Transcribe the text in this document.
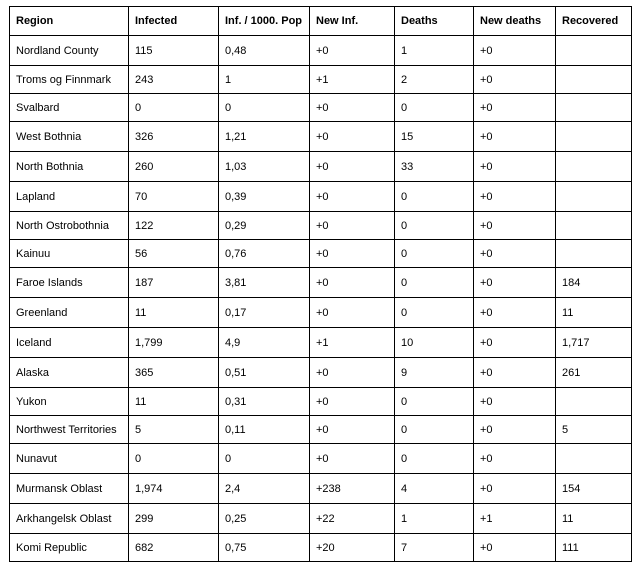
Region	Infected	Inf. / 1000. Pop	New Inf.	Deaths	New deaths	Recovered
Nordland County	115	0,48	+0	1	+0	
Troms og Finnmark	243	1	+1	2	+0	
Svalbard	0	0	+0	0	+0	
West Bothnia	326	1,21	+0	15	+0	
North Bothnia	260	1,03	+0	33	+0	
Lapland	70	0,39	+0	0	+0	
North Ostrobothnia	122	0,29	+0	0	+0	
Kainuu	56	0,76	+0	0	+0	
Faroe Islands	187	3,81	+0	0	+0	184
Greenland	11	0,17	+0	0	+0	11
Iceland	1,799	4,9	+1	10	+0	1,717
Alaska	365	0,51	+0	9	+0	261
Yukon	11	0,31	+0	0	+0	
Northwest Territories	5	0,11	+0	0	+0	5
Nunavut	0	0	+0	0	+0	
Murmansk Oblast	1,974	2,4	+238	4	+0	154
Arkhangelsk Oblast	299	0,25	+22	1	+1	11
Komi Republic	682	0,75	+20	7	+0	111
